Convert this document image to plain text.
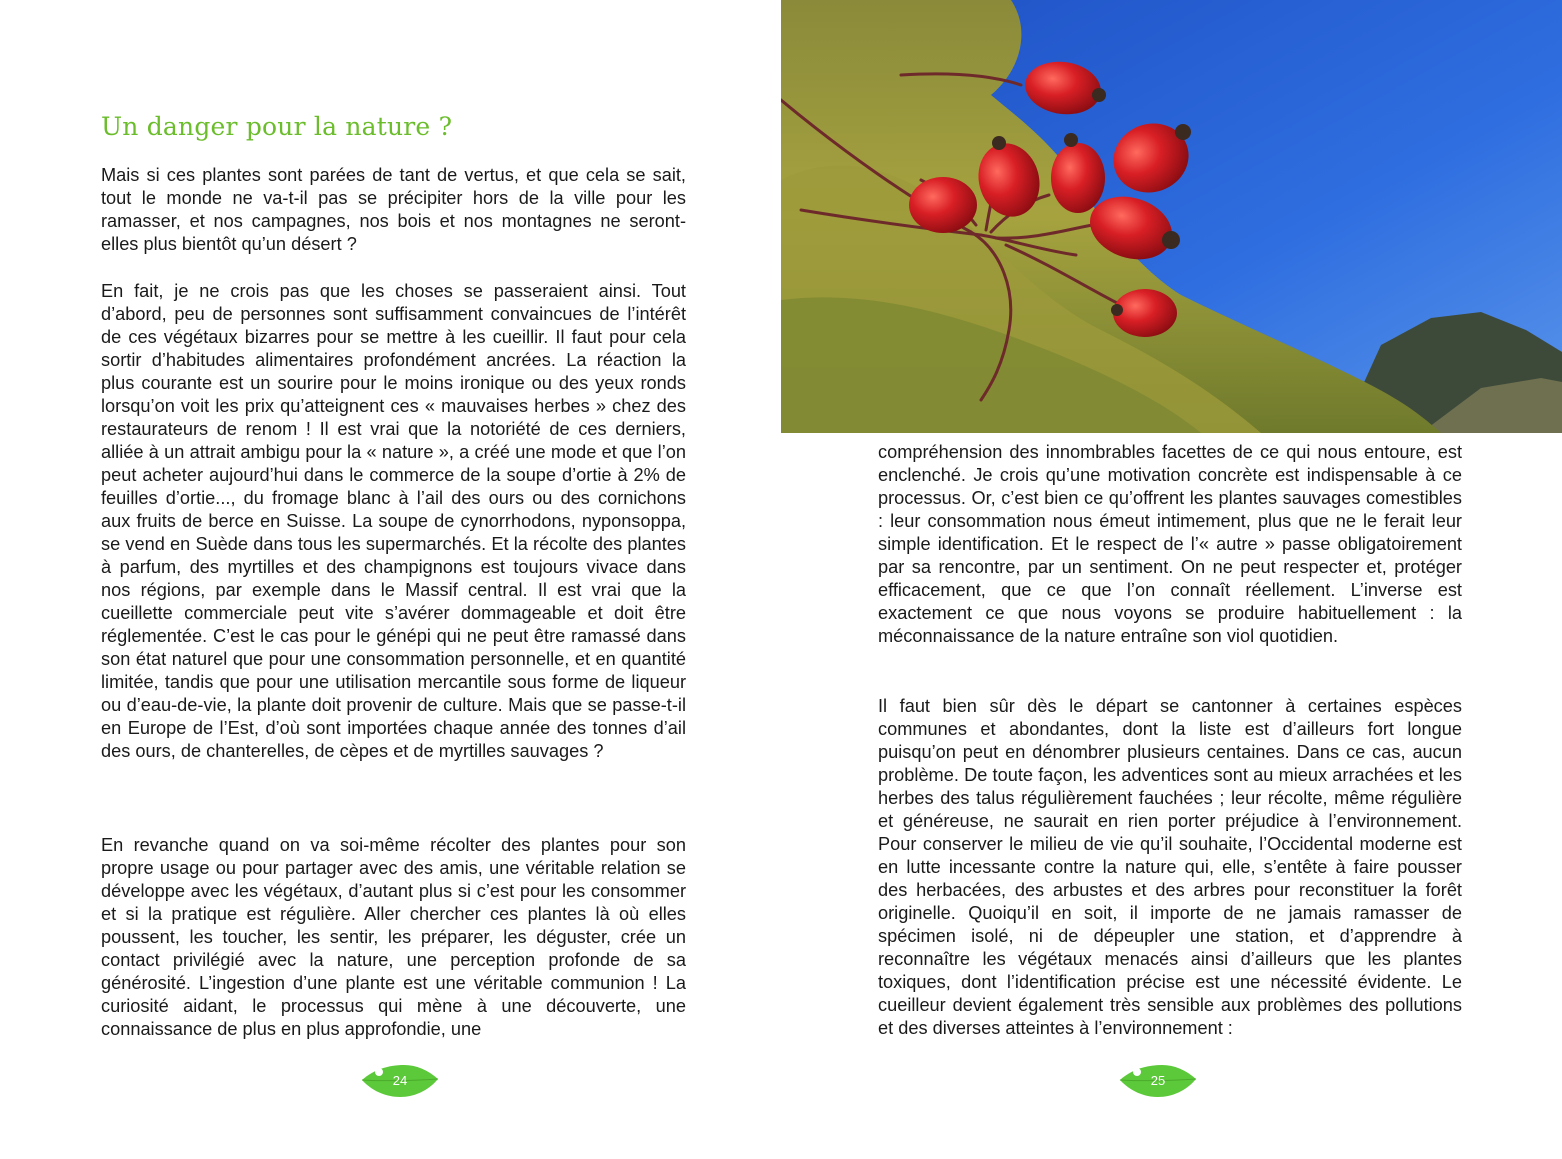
Un danger pour la nature ?

Mais si ces plantes sont parées de tant de vertus, et que cela se sait, tout le monde ne va-t-il pas se précipiter hors de la ville pour les ramasser, et nos campagnes, nos bois et nos montagnes ne seront-elles plus bientôt qu’un désert ?

En fait, je ne crois pas que les choses se passeraient ainsi. Tout d’abord, peu de personnes sont suffisamment convaincues de l’intérêt de ces végétaux bizarres pour se mettre à les cueillir. Il faut pour cela sortir d’habitudes alimentaires profondément ancrées. La réaction la plus courante est un sourire pour le moins ironique ou des yeux ronds lorsqu’on voit les prix qu’atteignent ces « mauvaises herbes » chez des restaurateurs de renom ! Il est vrai que la notoriété de ces derniers, alliée à un attrait ambigu pour la « nature », a créé une mode et que l’on peut acheter aujourd’hui dans le commerce de la soupe d’ortie à 2% de feuilles d’ortie..., du fromage blanc à l’ail des ours ou des cornichons aux fruits de berce en Suisse. La soupe de cynorrhodons, nyponsoppa, se vend en Suède dans tous les supermarchés. Et la récolte des plantes à parfum, des myrtilles et des champignons est toujours vivace dans nos régions, par exemple dans le Massif central. Il est vrai que la cueillette commerciale peut vite s’avérer dommageable et doit être réglementée. C’est le cas pour le génépi qui ne peut être ramassé dans son état naturel que pour une consommation personnelle, et en quantité limitée, tandis que pour une utilisation mercantile sous forme de liqueur ou d’eau-de-vie, la plante doit provenir de culture. Mais que se passe-t-il en Europe de l’Est, d’où sont importées chaque année des tonnes d’ail des ours, de chanterelles, de cèpes et de myrtilles sauvages ?

En revanche quand on va soi-même récolter des plantes pour son propre usage ou pour partager avec des amis, une véritable relation se développe avec les végétaux, d’autant plus si c’est pour les consommer et si la pratique est régulière. Aller chercher ces plantes là où elles poussent, les toucher, les sentir, les préparer, les déguster, crée un contact privilégié avec la nature, une perception profonde de sa générosité. L’ingestion d’une plante est une véritable communion ! La curiosité aidant, le processus qui mène à une découverte, une connaissance de plus en plus approfondie, une

24

compréhension des innombrables facettes de ce qui nous entoure, est enclenché. Je crois qu’une motivation concrète est indispensable à ce processus. Or, c’est bien ce qu’offrent les plantes sauvages comestibles : leur consommation nous émeut intimement, plus que ne le ferait leur simple identification. Et le respect de l’« autre » passe obligatoirement par sa rencontre, par un sentiment. On ne peut respecter et, protéger efficacement, que ce que l’on connaît réellement. L’inverse est exactement ce que nous voyons se produire habituellement : la méconnaissance de la nature entraîne son viol quotidien.

Il faut bien sûr dès le départ se cantonner à certaines espèces communes et abondantes, dont la liste est d’ailleurs fort longue puisqu’on peut en dénombrer plusieurs centaines. Dans ce cas, aucun problème. De toute façon, les adventices sont au mieux arrachées et les herbes des talus régulièrement fauchées ; leur récolte, même régulière et généreuse, ne saurait en rien porter préjudice à l’environnement. Pour conserver le milieu de vie qu’il souhaite, l’Occidental moderne est en lutte incessante contre la nature qui, elle, s’entête à faire pousser des herbacées, des arbustes et des arbres pour reconstituer la forêt originelle. Quoiqu’il en soit, il importe de ne jamais ramasser de spécimen isolé, ni de dépeupler une station, et d’apprendre à reconnaître les végétaux menacés ainsi d’ailleurs que les plantes toxiques, dont l’identification précise est une nécessité évidente. Le cueilleur devient également très sensible aux problèmes des pollutions et des diverses atteintes à l’environnement :

25
